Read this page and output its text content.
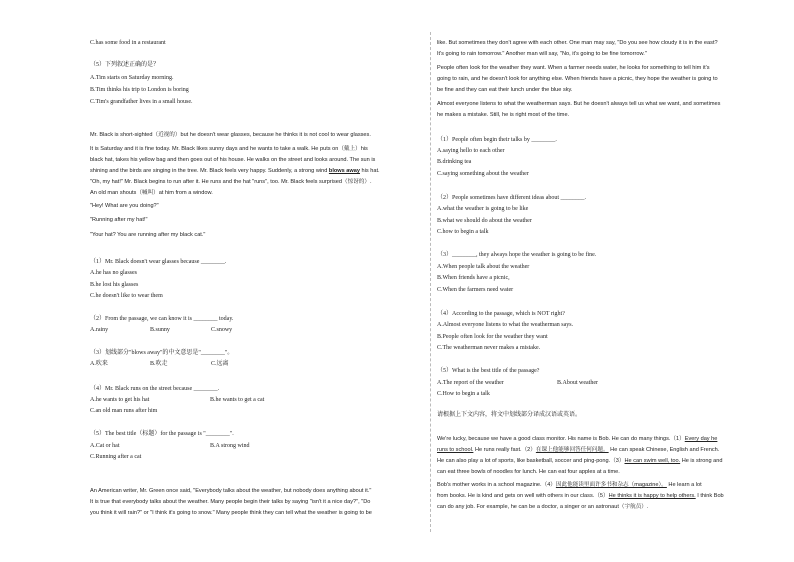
C.has some food in a restaurant
（5）下列叙述正确的是？
A.Tim starts on Saturday morning.
B.Tim thinks his trip to London is boring
C.Tim's grandfather lives in a small house.
Mr. Black is short-sighted（近视的）but he doesn't wear glasses, because he thinks it is not cool to wear glasses.
It is Saturday and it is fine today. Mr. Black likes sunny days and he wants to take a walk. He puts on（戴上）his
black hat, takes his yellow bag and then goes out of his house. He walks on the street and looks around. The sun is
shining and the birds are singing in the tree. Mr. Black feels very happy. Suddenly, a strong wind blows away his hat.
"Oh, my hat!" Mr. Black begins to run after it. He runs and the hat "runs", too. Mr. Black feels surprised（惊讶的）.
An old man shouts（喊叫）at him from a window.
"Hey! What are you doing?"
"Running after my hat!"
"Your hat? You are running after my black cat."
（1）Mr. Black doesn't wear glasses because ________.
A.he has no glasses
B.he lost his glasses
C.he doesn't like to wear them
（2）From the passage, we can know it is ________ today.
A.rainy	B.sunny	C.snowy
（3）划线部分"blows away"的中文意思是"________"。
A.吹来	B.吹走	C.远离
（4）Mr. Black runs on the street because ________.
A.he wants to get his hat	B.he wants to get a cat
C.an old man runs after him
（5）The best title（标题）for the passage is "________".
A.Cat or hat	B.A strong wind
C.Running after a cat
An American writer, Mr. Green once said, "Everybody talks about the weather, but nobody does anything about it."
It is true that everybody talks about the weather. Many people begin their talks by saying "isn't it a nice day?", "Do
you think it will rain?" or "I think it's going to snow." Many people think they can tell what the weather is going to be
like. But sometimes they don't agree with each other. One man may say, "Do you see how cloudy it is in the east?
It's going to rain tomorrow." Another man will say, "No, it's going to be fine tomorrow."
People often look for the weather they want. When a farmer needs water, he looks for something to tell him it's
going to rain, and he doesn't look for anything else. When friends have a picnic, they hope the weather is going to
be fine and they can eat their lunch under the blue sky.
Almost everyone listens to what the weatherman says. But he doesn't always tell us what we want, and sometimes
he makes a mistake. Still, he is right most of the time.
（1）People often begin their talks by ________.
A.saying hello to each other
B.drinking tea
C.saying something about the weather
（2）People sometimes have different ideas about ________.
A.what the weather is going to be like
B.what we should do about the weather
C.how to begin a talk
（3）________, they always hope the weather is going to be fine.
A.When people talk about the weather
B.When friends have a picnic,
C.When the farmers need water
（4）According to the passage, which is NOT right?
A.Almost everyone listens to what the weatherman says.
B.People often look for the weather they want
C.The weatherman never makes a mistake.
（5）What is the best title of the passage?
A.The report of the weather	B.About weather
C.How to begin a talk
请根据上下文内容，将文中划线部分译成汉语或英语。
We're lucky, because we have a good class monitor. His name is Bob. He can do many things.（1）Every day he
runs to school. He runs really fast.（2）在课上他能够回答任何问题。 He can speak Chinese, English and French.
He can also play a lot of sports, like basketball, soccer and ping-pong.（3）He can swim well, too. He is strong and
can eat three bowls of noodles for lunch. He can eat four apples at a time.
Bob's mother works in a school magazine.（4）因此他能读里面许多书和杂志（magazine）。 He learn a lot
from books. He is kind and gets on well with others in our class.（5）He thinks it is happy to help others. I think Bob
can do any job. For example, he can be a doctor, a singer or an astronaut（宇航员）.
